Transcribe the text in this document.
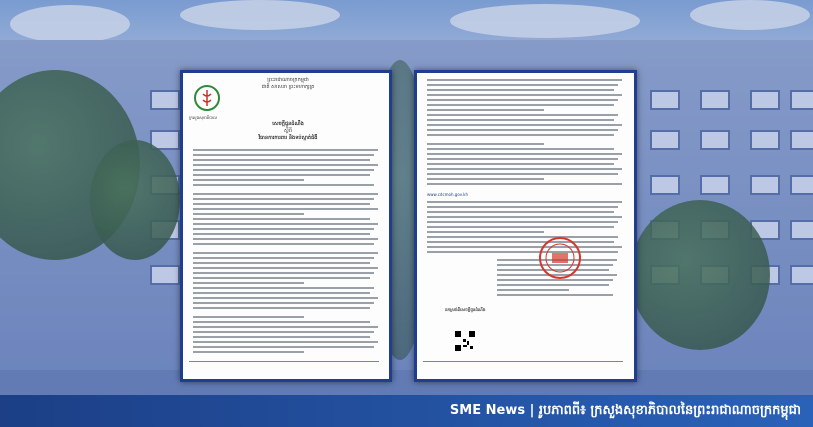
ព្រះរាជាណាចក្រកម្ពុជា
ជាតិ សាសនា ព្រះមហាក្សត្រ
ក្រសួងសុខាភិបាល
សេចក្តីជូនដំណឹង
ស្តីពី
វិធានការការពារ និងទប់ស្កាត់ជំងឺ
www.cdcmoh.gov.kh
ដកស្រង់ពីសេចក្តីជូនដំណឹង
SME News | រូបភាពពី៖ ក្រសួងសុខាភិបាលនៃព្រះរាជាណាចក្រកម្ពុជា
